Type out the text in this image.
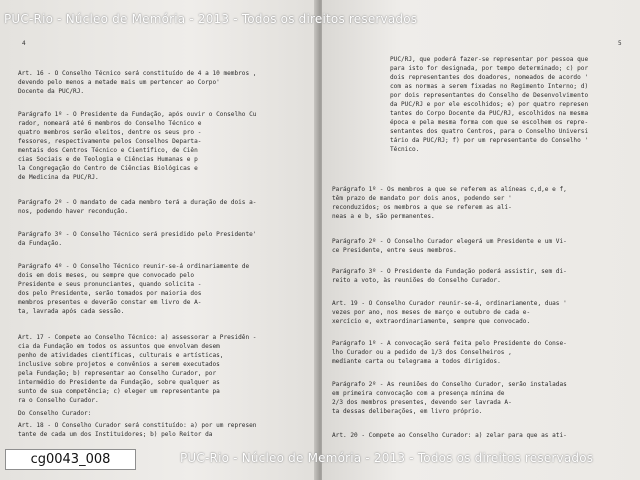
4
Art. 16 - O Conselho Técnico será constituído de 4 a 10 membros ,
devendo pelo menos a metade mais um pertencer ao Corpo'
Docente da PUC/RJ.
Parágrafo 1º - O Presidente da Fundação, após ouvir o Conselho Cu
rador, nomeará até 6 membros do Conselho Técnico e
quatro membros serão eleitos, dentre os seus pro -
fessores, respectivamente pelos Conselhos Departa-
mentais dos Centros Técnico e Científico, de Ciên
cias Sociais e de Teologia e Ciências Humanas e p
la Congregação do Centro de Ciências Biológicas e
de Medicina da PUC/RJ.
Parágrafo 2º - O mandato de cada membro terá a duração de dois a-
nos, podendo haver recondução.
Parágrafo 3º - O Conselho Técnico será presidido pelo Presidente'
da Fundação.
Parágrafo 4º - O Conselho Técnico reunir-se-á ordinariamente de
dois em dois meses, ou sempre que convocado pelo
Presidente e seus pronunciantes, quando solicita -
dos pelo Presidente, serão tomados por maioria dos
membros presentes e deverão constar em livro de A-
ta, lavrada após cada sessão.
Art. 17 - Compete ao Conselho Técnico: a) assessorar a Presidên -
cia da Fundação em todos os assuntos que envolvam desem
penho de atividades científicas, culturais e artísticas,
inclusive sobre projetos e convênios a serem executados
pela Fundação; b) representar ao Conselho Curador, por
intermédio do Presidente da Fundação, sobre qualquer as
sunto de sua competência; c) eleger um representante pa
ra o Conselho Curador.
Do Conselho Curador:
Art. 18 - O Conselho Curador será constituído: a) por um represen
tante de cada um dos Instituidores; b) pelo Reitor da
5
PUC/RJ, que poderá fazer-se representar por pessoa que
para isto for designada, por tempo determinado; c) por
dois representantes dos doadores, nomeados de acordo '
com as normas a serem fixadas no Regimento Interno; d)
por dois representantes do Conselho de Desenvolvimento
da PUC/RJ e por ele escolhidos; e) por quatro represen
tantes do Corpo Docente da PUC/RJ, escolhidos na mesma
época e pela mesma forma com que se escolhem os repre-
sentantes dos quatro Centros, para o Conselho Universi
tário da PUC/RJ; f) por um representante do Conselho '
Técnico.
Parágrafo 1º - Os membros a que se referem as alíneas c,d,e e f,
têm prazo de mandato por dois anos, podendo ser '
reconduzidos; os membros a que se referem as alí-
neas a e b, são permanentes.
Parágrafo 2º - O Conselho Curador elegerá um Presidente e um Vi-
ce Presidente, entre seus membros.
Parágrafo 3º - O Presidente da Fundação poderá assistir, sem di-
reito a voto, às reuniões do Conselho Curador.
Art. 19 - O Conselho Curador reunir-se-á, ordinariamente, duas '
vezes por ano, nos meses de março e outubro de cada e-
xercício e, extraordinariamente, sempre que convocado.
Parágrafo 1º - A convocação será feita pelo Presidente do Conse-
lho Curador ou a pedido de 1/3 dos Conselheiros ,
mediante carta ou telegrama a todos dirigidos.
Parágrafo 2º - As reuniões do Conselho Curador, serão instaladas
em primeira convocação com a presença mínima de
2/3 dos membros presentes, devendo ser lavrada A-
ta dessas deliberações, em livro próprio.
Art. 20 - Compete ao Conselho Curador: a) zelar para que as ati-
PUC-Rio - Núcleo de Memória - 2013 - Todos os direitos reservados
PUC-Rio - Núcleo de Memória - 2013 - Todos os direitos reservados
cg0043_008
